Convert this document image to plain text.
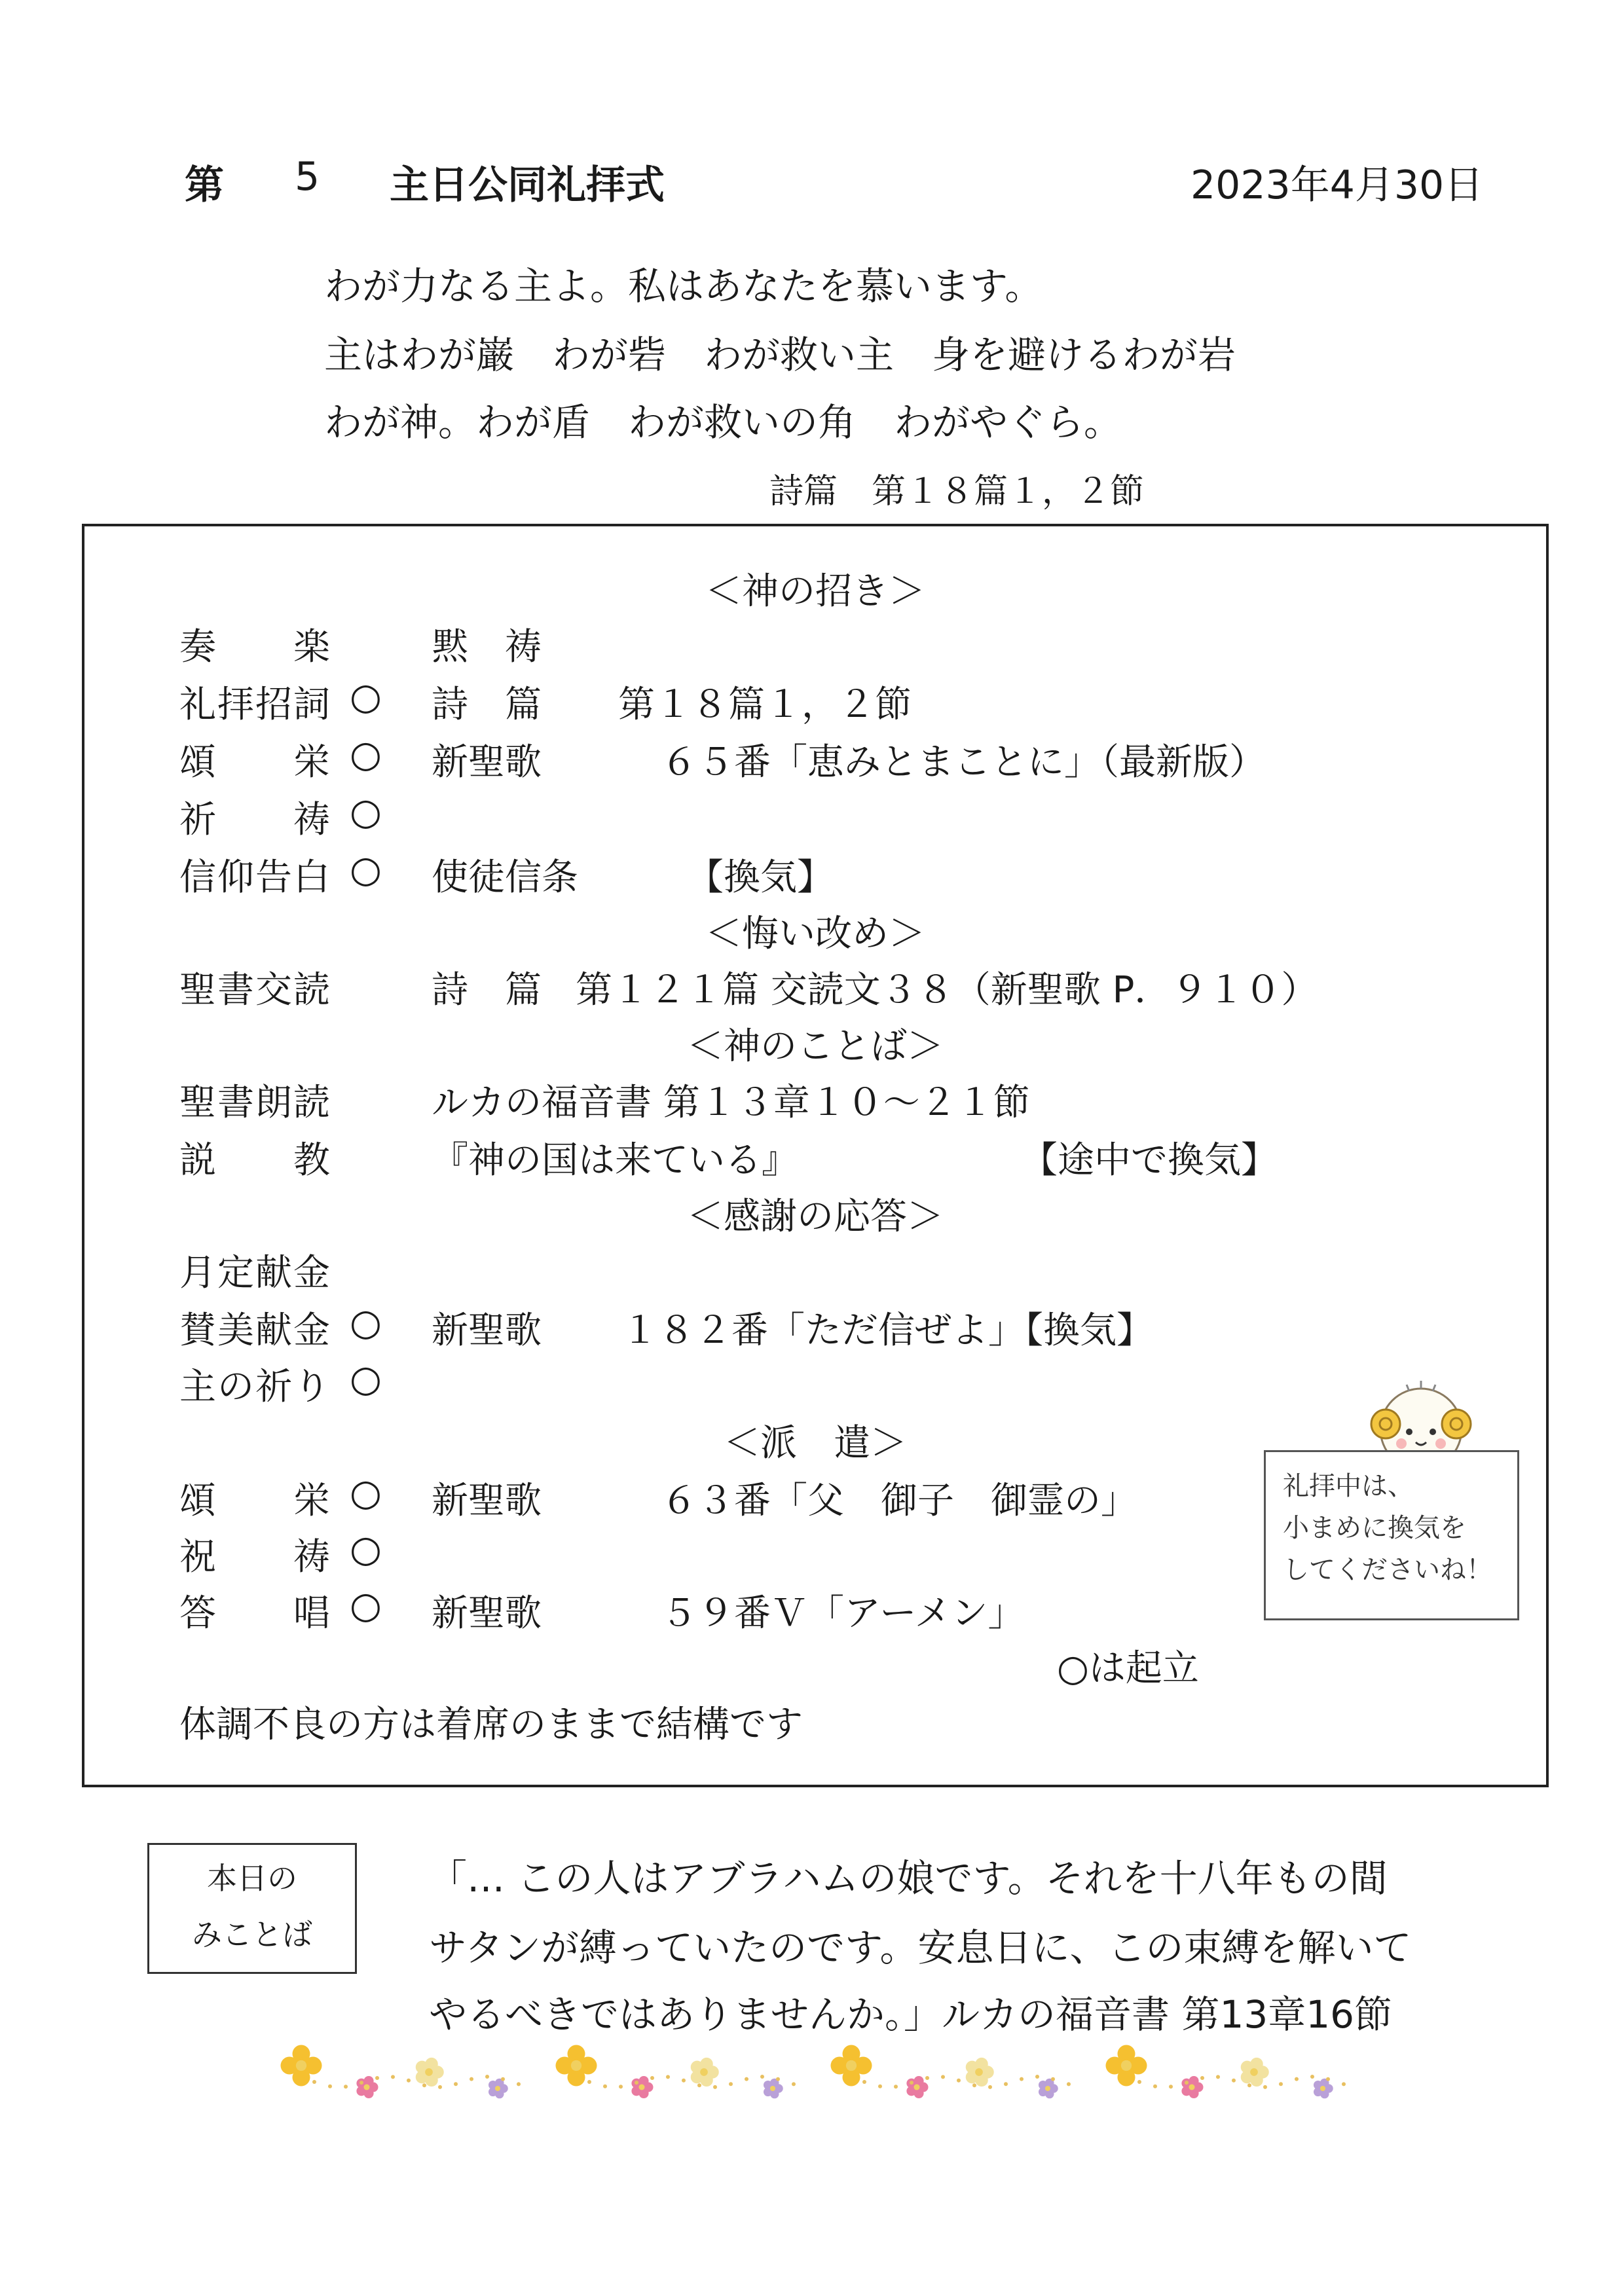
第 5 主日公同礼拝式	2023年4月30日
わが力なる主よ。私はあなたを慕います。
主はわが巌　わが砦　わが救い主　身を避けるわが岩
わが神。わが盾　わが救いの角　わがやぐら。
詩篇　第１８篇１，２節
＜神の招き＞
奏　　楽	黙　祷
礼拝招詞 ○ 詩　篇 第１８篇１，２節
頌　　栄 ○ 新聖歌	６５番「恵みとまことに」（最新版）
祈　　祷 ○
信仰告白 ○ 使徒信条	【換気】
＜悔い改め＞
聖書交読	詩　篇 第１２１篇 交読文３８（新聖歌 P．９１０）
＜神のことば＞
聖書朗読	ルカの福音書 第１３章１０～２１節
説　　教	『神の国は来ている』	【途中で換気】
＜感謝の応答＞
月定献金
賛美献金 ○ 新聖歌 １８２番「ただ信ぜよ」【換気】
主の祈り ○
＜派　遣＞
頌　　栄 ○ 新聖歌	６３番「父　御子　御霊の」
祝　　祷 ○
答　　唱 ○ 新聖歌	５９番Ｖ「アーメン」
○は起立
体調不良の方は着席のままで結構です
礼拝中は、
小まめに換気を
してくださいね！
本日の
みことば
「… この人はアブラハムの娘です。それを十八年もの間
サタンが縛っていたのです。安息日に、この束縛を解いて
やるべきではありませんか。」ルカの福音書 第13章16節
